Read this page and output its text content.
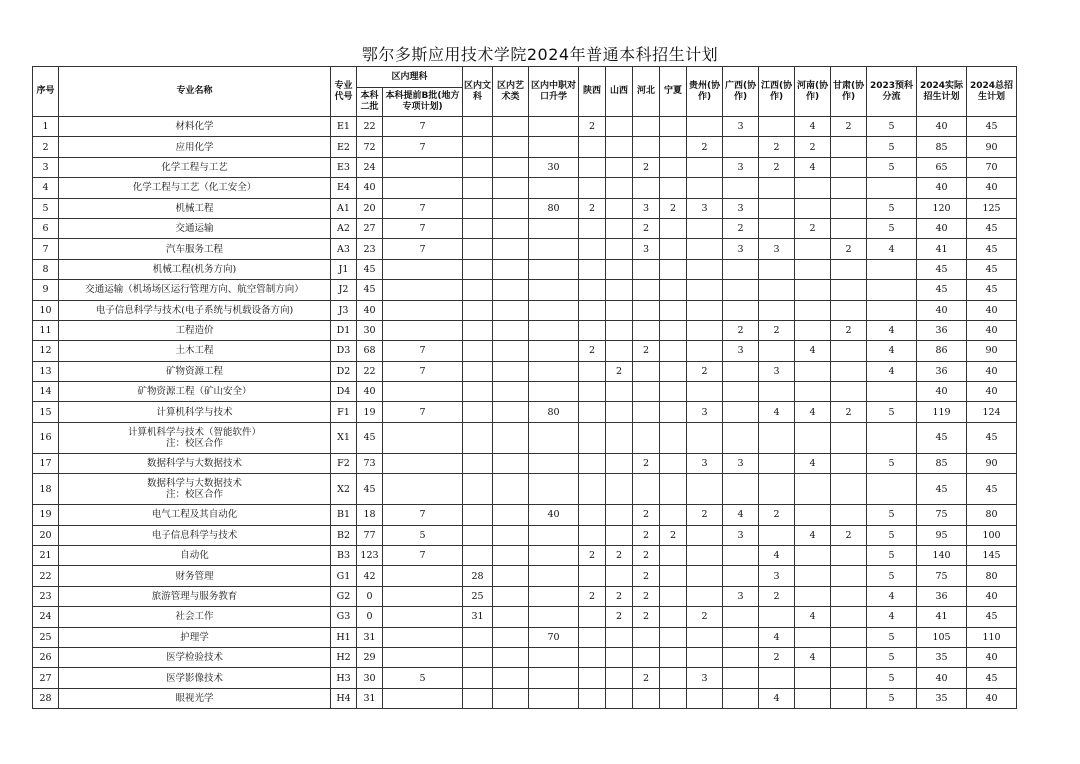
鄂尔多斯应用技术学院2024年普通本科招生计划
序号	专业名称	专业代号	区内理科		区内文科	区内艺术类	区内中职对口升学	陕西	山西	河北	宁夏	贵州(协作)	广西(协作)	江西(协作)	河南(协作)	甘肃(协作)	2023预科分流	2024实际招生计划	2024总招生计划
			本科二批	本科提前B批(地方专项计划)															
1	材料化学	E1	22	7				2					3		4	2	5	40	45
2	应用化学	E2	72	7								2		2	2		5	85	90
3	化学工程与工艺	E3	24				30			2			3	2	4		5	65	70
4	化学工程与工艺（化工安全）	E4	40															40	40
5	机械工程	A1	20	7			80	2		3	2	3	3				5	120	125
6	交通运输	A2	27	7						2			2		2		5	40	45
7	汽车服务工程	A3	23	7						3			3	3		2	4	41	45
8	机械工程(机务方向)	J1	45															45	45
9	交通运输（机场场区运行管理方向、航空管制方向）	J2	45															45	45
10	电子信息科学与技术(电子系统与机载设备方向)	J3	40															40	40
11	工程造价	D1	30										2	2		2	4	36	40
12	土木工程	D3	68	7				2		2			3		4		4	86	90
13	矿物资源工程	D2	22	7					2			2		3			4	36	40
14	矿物资源工程（矿山安全）	D4	40															40	40
15	计算机科学与技术	F1	19	7			80					3		4	4	2	5	119	124
16	计算机科学与技术（智能软件）
注：校区合作	X1	45															45	45
17	数据科学与大数据技术	F2	73							2		3	3		4		5	85	90
18	数据科学与大数据技术
注：校区合作	X2	45															45	45
19	电气工程及其自动化	B1	18	7			40			2		2	4	2			5	75	80
20	电子信息科学与技术	B2	77	5						2	2		3		4	2	5	95	100
21	自动化	B3	123	7				2	2	2				4			5	140	145
22	财务管理	G1	42		28					2				3			5	75	80
23	旅游管理与服务教育	G2	0		25			2	2	2			3	2			4	36	40
24	社会工作	G3	0		31				2	2		2			4		4	41	45
25	护理学	H1	31				70							4			5	105	110
26	医学检验技术	H2	29											2	4		5	35	40
27	医学影像技术	H3	30	5						2		3					5	40	45
28	眼视光学	H4	31											4			5	35	40
